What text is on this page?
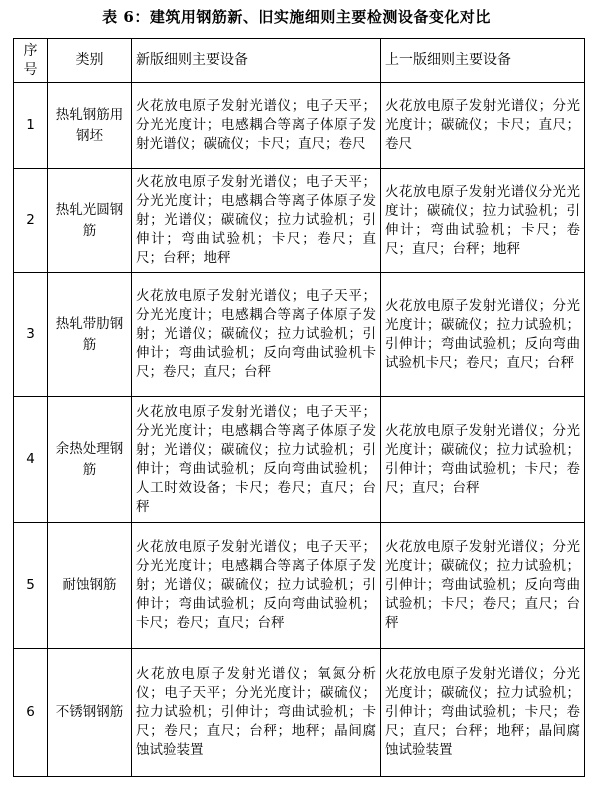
表 6：建筑用钢筋新、旧实施细则主要检测设备变化对比
序号	类别	新版细则主要设备	上一版细则主要设备
1	热轧钢筋用钢坯	火花放电原子发射光谱仪；电子天平；分光光度计；电感耦合等离子体原子发射光谱仪；碳硫仪；卡尺；直尺；卷尺	火花放电原子发射光谱仪；分光光度计；碳硫仪；卡尺；直尺；卷尺

2	热轧光圆钢筋	火花放电原子发射光谱仪；电子天平；分光光度计；电感耦合等离子体原子发射；光谱仪；碳硫仪；拉力试验机；引伸计；弯曲试验机；卡尺；卷尺；直尺；台秤；地秤	火花放电原子发射光谱仪分光光度计；碳硫仪；拉力试验机；引伸计；弯曲试验机；卡尺；卷尺；直尺；台秤；地秤

3	热轧带肋钢筋	火花放电原子发射光谱仪；电子天平；分光光度计；电感耦合等离子体原子发射；光谱仪；碳硫仪；拉力试验机；引伸计；弯曲试验机；反向弯曲试验机卡尺；卷尺；直尺；台秤	火花放电原子发射光谱仪；分光光度计；碳硫仪；拉力试验机；引伸计；弯曲试验机；反向弯曲试验机卡尺；卷尺；直尺；台秤

4	余热处理钢筋	火花放电原子发射光谱仪；电子天平；分光光度计；电感耦合等离子体原子发射；光谱仪；碳硫仪；拉力试验机；引伸计；弯曲试验机；反向弯曲试验机；人工时效设备；卡尺；卷尺；直尺；台秤	火花放电原子发射光谱仪；分光光度计；碳硫仪；拉力试验机；引伸计；弯曲试验机；卡尺；卷尺；直尺；台秤

5	耐蚀钢筋	火花放电原子发射光谱仪；电子天平；分光光度计；电感耦合等离子体原子发射；光谱仪；碳硫仪；拉力试验机；引伸计；弯曲试验机；反向弯曲试验机；卡尺；卷尺；直尺；台秤	火花放电原子发射光谱仪；分光光度计；碳硫仪；拉力试验机；引伸计；弯曲试验机；反向弯曲试验机；卡尺；卷尺；直尺；台秤

6	不锈钢钢筋	火花放电原子发射光谱仪；氧氮分析仪；电子天平；分光光度计；碳硫仪；拉力试验机；引伸计；弯曲试验机；卡尺；卷尺；直尺；台秤；地秤；晶间腐蚀试验装置	火花放电原子发射光谱仪；分光光度计；碳硫仪；拉力试验机；引伸计；弯曲试验机；卡尺；卷尺；直尺；台秤；地秤；晶间腐蚀试验装置
